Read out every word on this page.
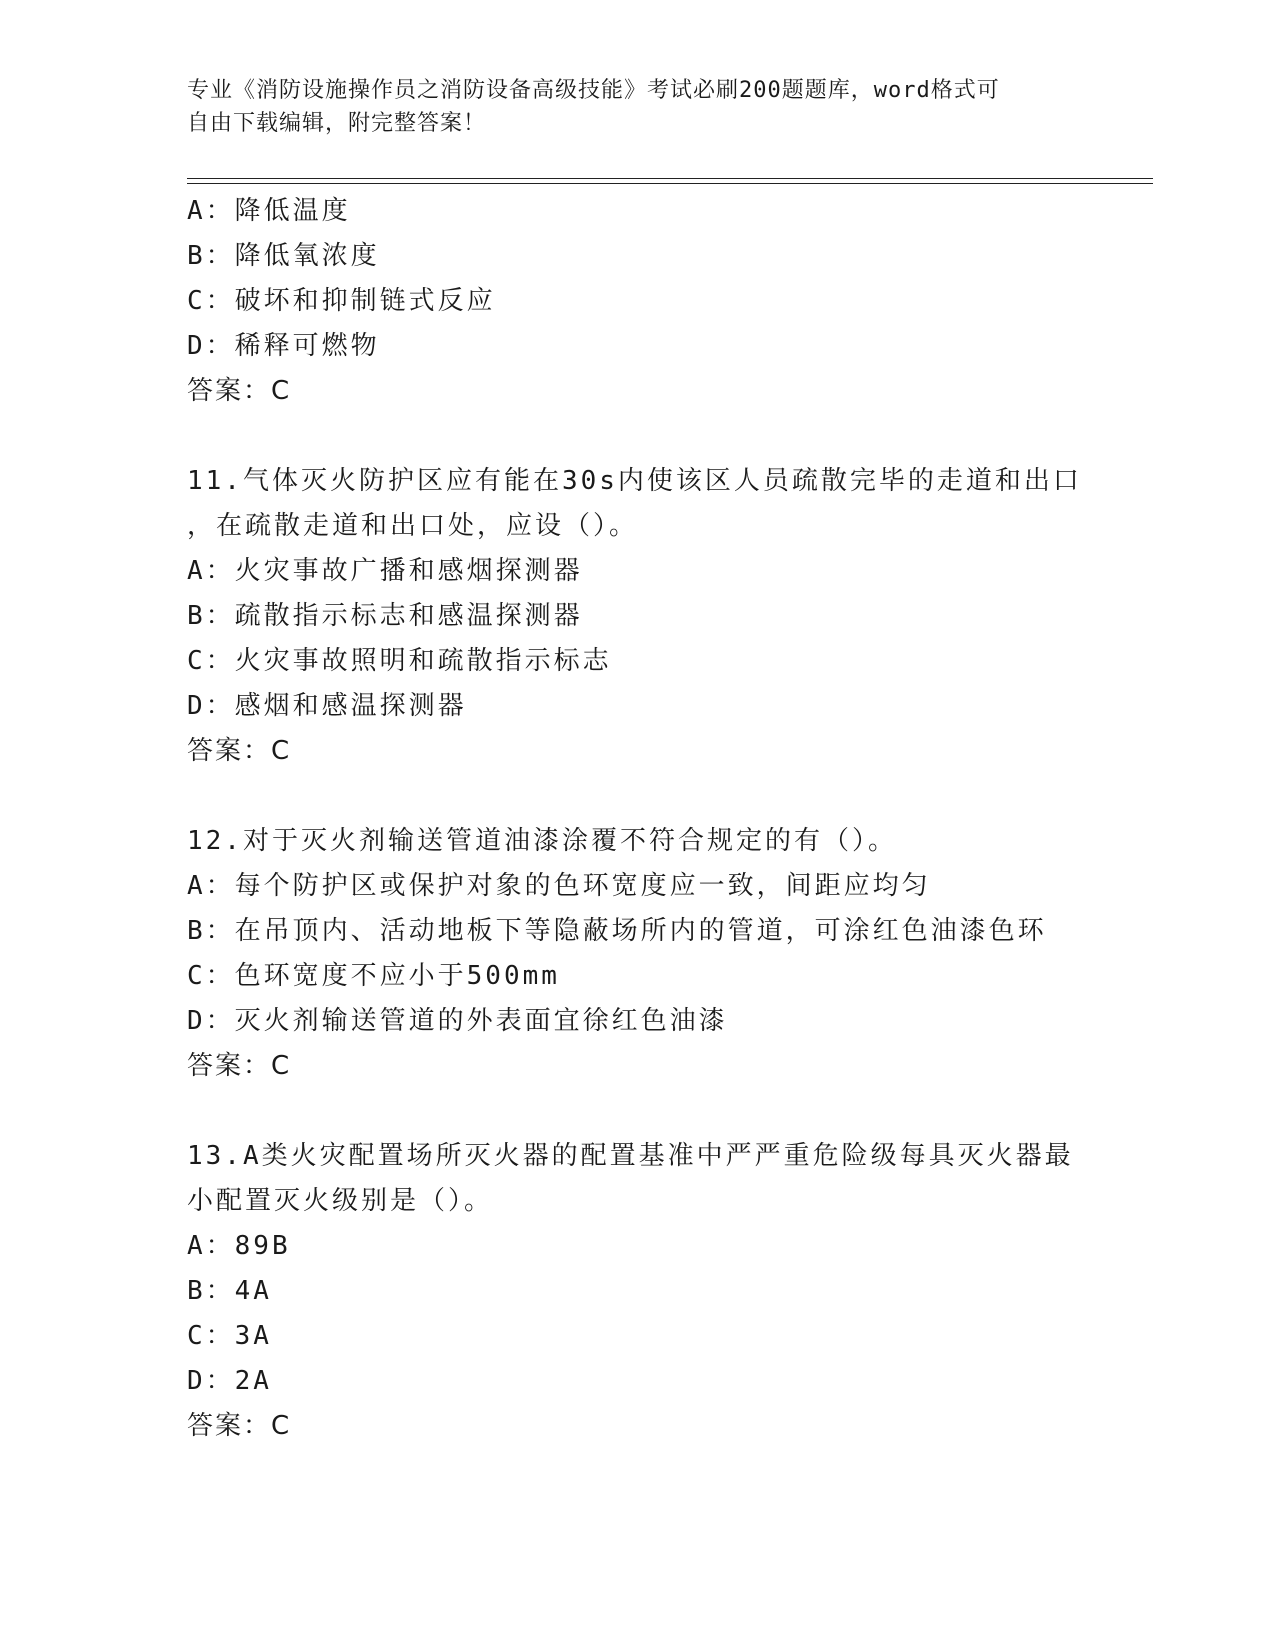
专业《消防设施操作员之消防设备高级技能》考试必刷200题题库，word格式可
自由下载编辑，附完整答案！
A：降低温度
B：降低氧浓度
C：破坏和抑制链式反应
D：稀释可燃物
答案：C
11.气体灭火防护区应有能在30s内使该区人员疏散完毕的走道和出口
，在疏散走道和出口处，应设（）。
A：火灾事故广播和感烟探测器
B：疏散指示标志和感温探测器
C：火灾事故照明和疏散指示标志
D：感烟和感温探测器
答案：C
12.对于灭火剂输送管道油漆涂覆不符合规定的有（）。
A：每个防护区或保护对象的色环宽度应一致，间距应均匀
B：在吊顶内、活动地板下等隐蔽场所内的管道，可涂红色油漆色环
C：色环宽度不应小于500mm
D：灭火剂输送管道的外表面宜徐红色油漆
答案：C
13.A类火灾配置场所灭火器的配置基准中严严重危险级每具灭火器最
小配置灭火级别是（）。
A：89B
B：4A
C：3A
D：2A
答案：C
